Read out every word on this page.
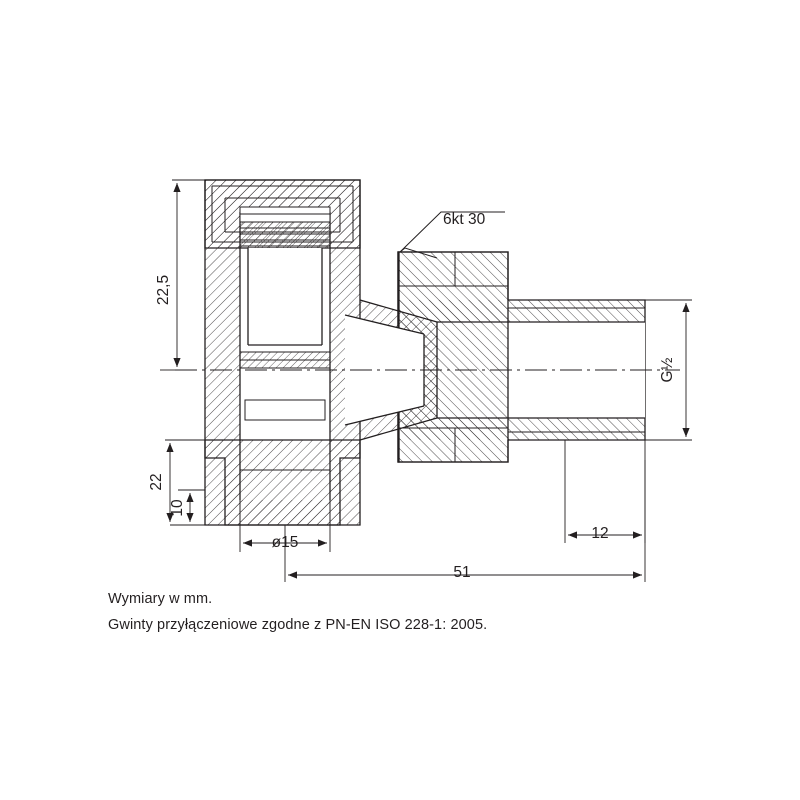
22,5
22
10
G½
ø15
12
51
6kt 30
Wymiary w mm.
Gwinty przyłączeniowe zgodne z PN-EN ISO 228-1: 2005.
